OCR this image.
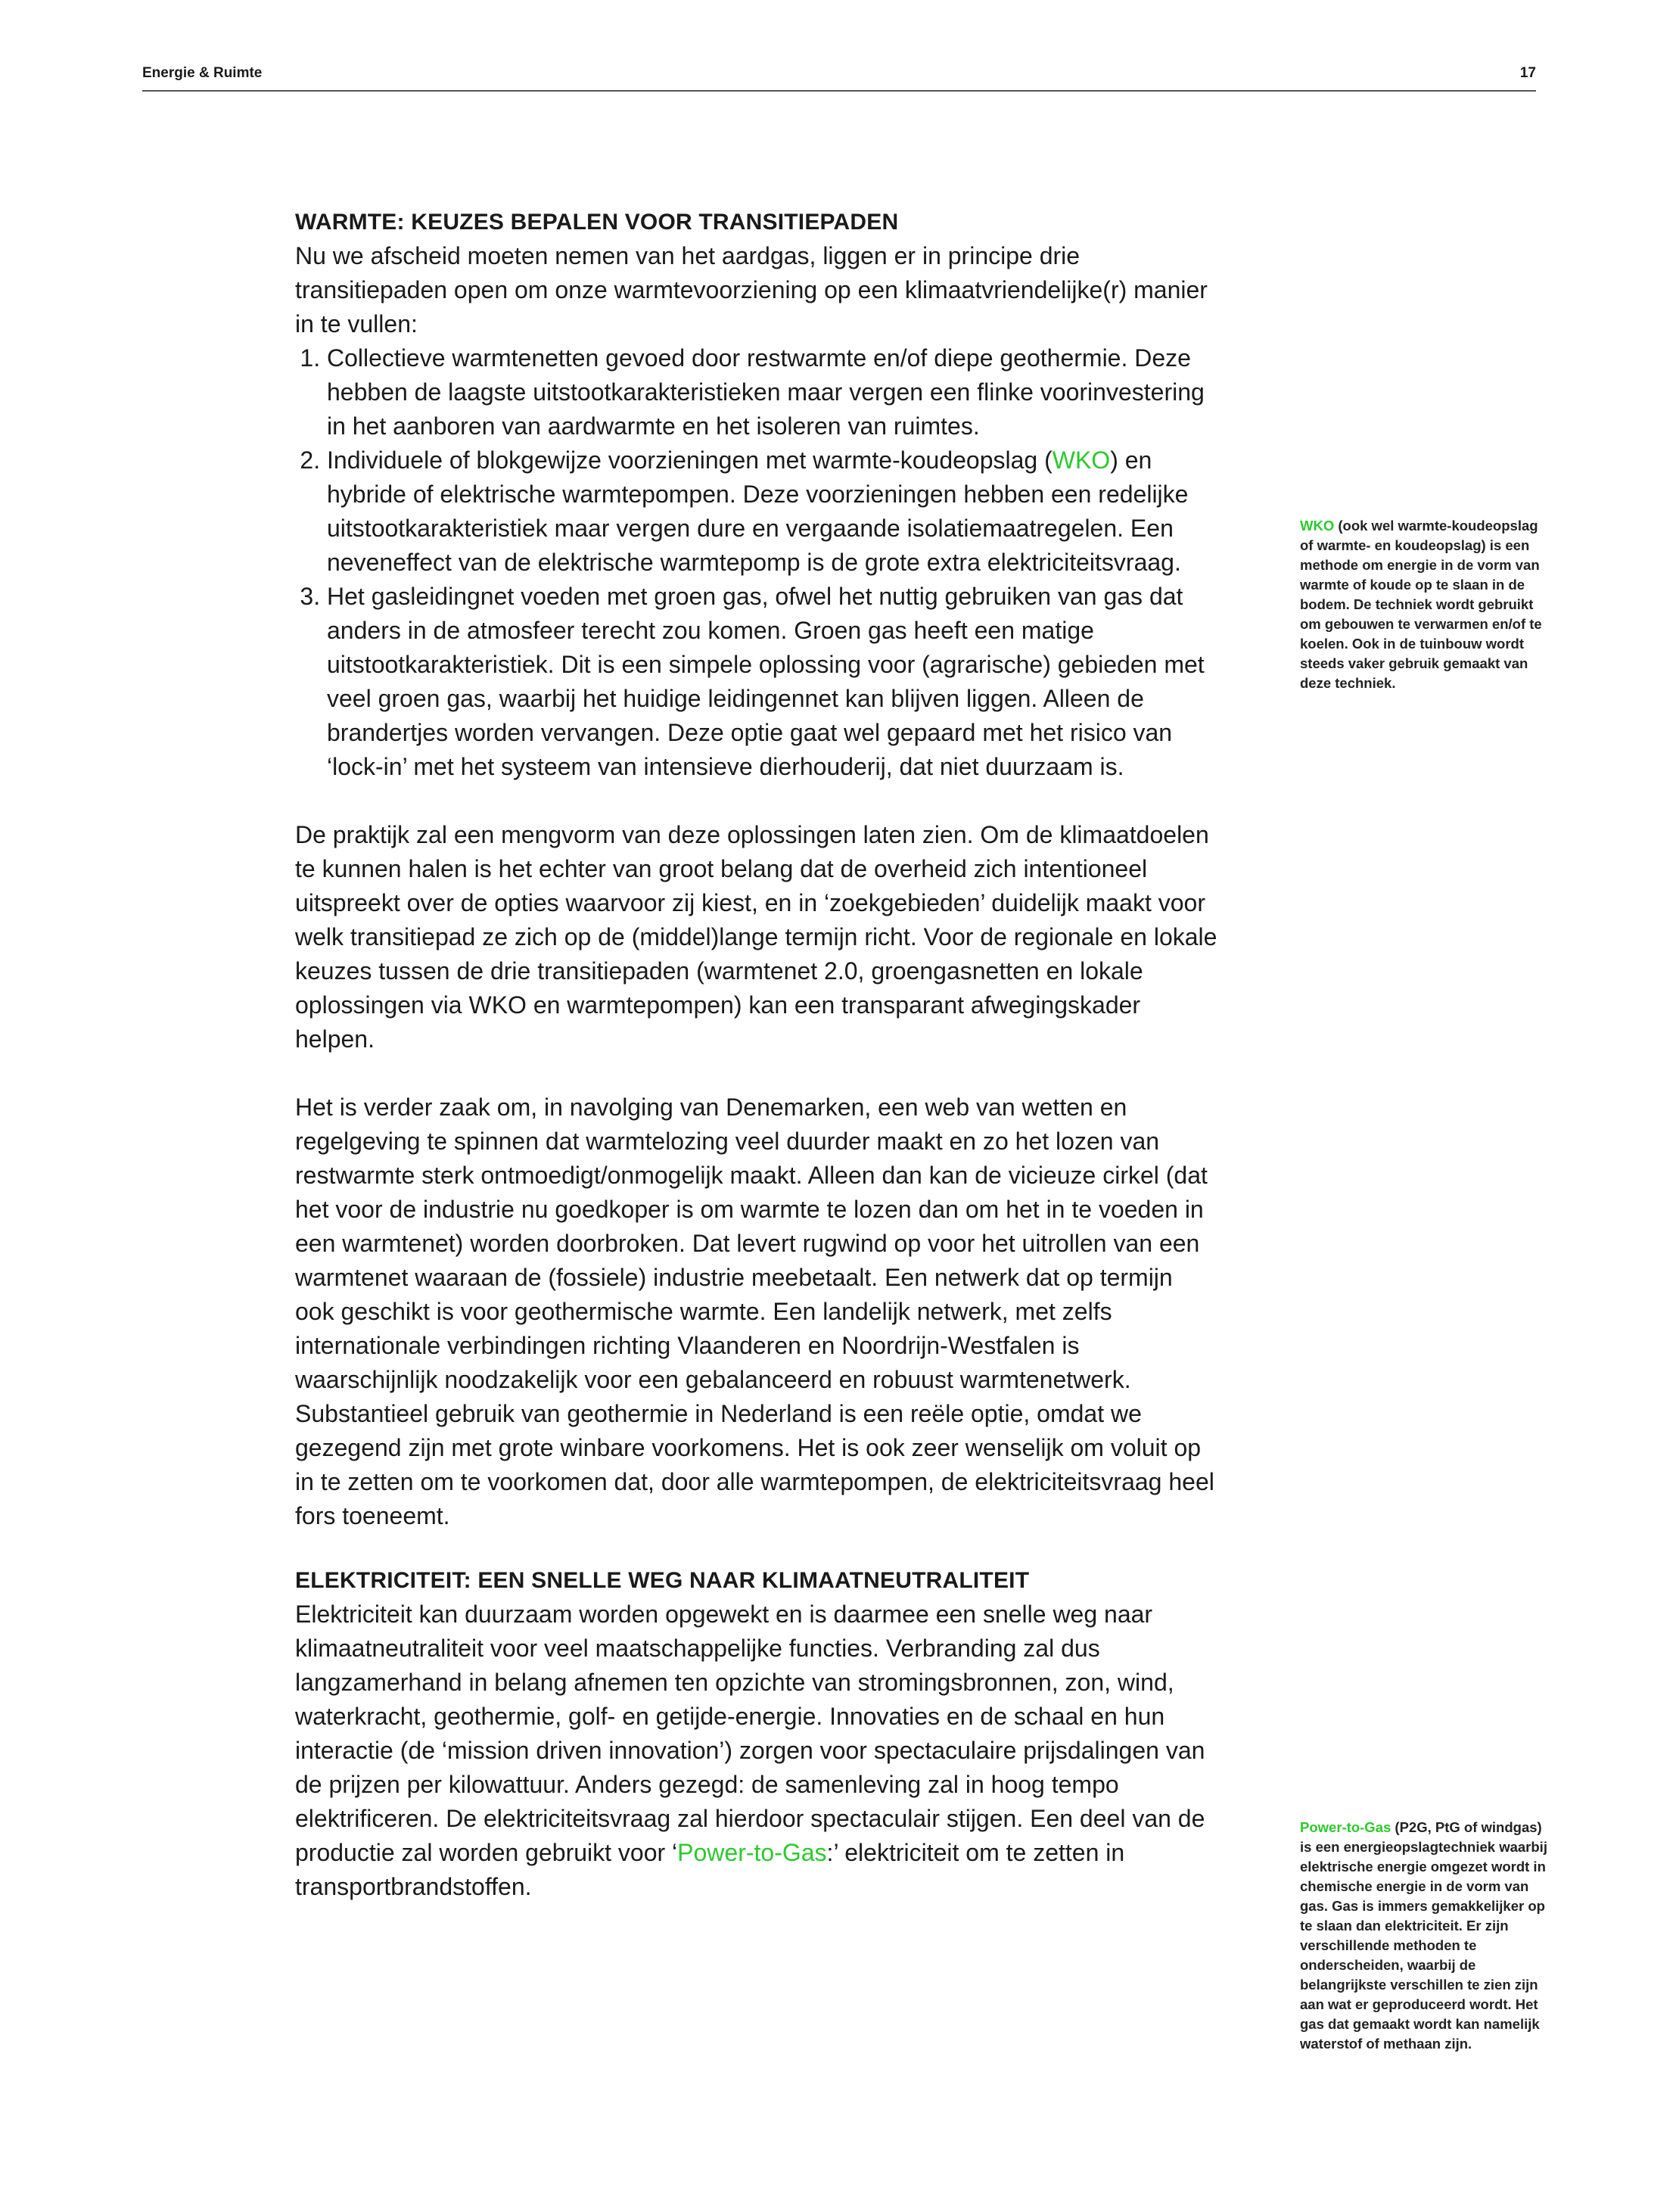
Energie & Ruimte	17
WARMTE: KEUZES BEPALEN VOOR TRANSITIEPADEN

Nu we afscheid moeten nemen van het aardgas, liggen er in principe drie transitiepaden open om onze warmtevoorziening op een klimaatvriendelijke(r) manier in te vullen:

1. Collectieve warmtenetten gevoed door restwarmte en/of diepe geothermie. Deze hebben de laagste uitstootkarakteristieken maar vergen een flinke voorinvestering in het aanboren van aardwarmte en het isoleren van ruimtes.
2. Individuele of blokgewijze voorzieningen met warmte-koudeopslag (WKO) en hybride of elektrische warmtepompen. Deze voorzieningen hebben een redelijke uitstootkarakteristiek maar vergen dure en vergaande isolatiemaatregelen. Een neveneffect van de elektrische warmtepomp is de grote extra elektriciteitsvraag.
3. Het gasleidingnet voeden met groen gas, ofwel het nuttig gebruiken van gas dat anders in de atmosfeer terecht zou komen. Groen gas heeft een matige uitstootkarakteristiek. Dit is een simpele oplossing voor (agrarische) gebieden met veel groen gas, waarbij het huidige leidingennet kan blijven liggen. Alleen de brandertjes worden vervangen. Deze optie gaat wel gepaard met het risico van ‘lock-in’ met het systeem van intensieve dierhouderij, dat niet duurzaam is.

De praktijk zal een mengvorm van deze oplossingen laten zien. Om de klimaatdoelen te kunnen halen is het echter van groot belang dat de overheid zich intentioneel uitspreekt over de opties waarvoor zij kiest, en in ‘zoekgebieden’ duidelijk maakt voor welk transitiepad ze zich op de (middel)lange termijn richt. Voor de regionale en lokale keuzes tussen de drie transitiepaden (warmtenet 2.0, groengasnetten en lokale oplossingen via WKO en warmtepompen) kan een transparant afwegingskader helpen.

Het is verder zaak om, in navolging van Denemarken, een web van wetten en regelgeving te spinnen dat warmtelozing veel duurder maakt en zo het lozen van restwarmte sterk ontmoedigt/onmogelijk maakt. Alleen dan kan de vicieuze cirkel (dat het voor de industrie nu goedkoper is om warmte te lozen dan om het in te voeden in een warmtenet) worden doorbroken. Dat levert rugwind op voor het uitrollen van een warmtenet waaraan de (fossiele) industrie meebetaalt. Een netwerk dat op termijn ook geschikt is voor geothermische warmte. Een landelijk netwerk, met zelfs internationale verbindingen richting Vlaanderen en Noordrijn-Westfalen is waarschijnlijk noodzakelijk voor een gebalanceerd en robuust warmtenetwerk. Substantieel gebruik van geothermie in Nederland is een reële optie, omdat we gezegend zijn met grote winbare voorkomens. Het is ook zeer wenselijk om voluit op in te zetten om te voorkomen dat, door alle warmtepompen, de elektriciteitsvraag heel fors toeneemt.

ELEKTRICITEIT: EEN SNELLE WEG NAAR KLIMAATNEUTRALITEIT

Elektriciteit kan duurzaam worden opgewekt en is daarmee een snelle weg naar klimaatneutraliteit voor veel maatschappelijke functies. Verbranding zal dus langzamerhand in belang afnemen ten opzichte van stromingsbronnen, zon, wind, waterkracht, geothermie, golf- en getijde-energie. Innovaties en de schaal en hun interactie (de ‘mission driven innovation’) zorgen voor spectaculaire prijsdalingen van de prijzen per kilowattuur. Anders gezegd: de samenleving zal in hoog tempo elektrificeren. De elektriciteitsvraag zal hierdoor spectaculair stijgen. Een deel van de productie zal worden gebruikt voor ‘Power-to-Gas:’ elektriciteit om te zetten in transportbrandstoffen.

WKO (ook wel warmte-koudeopslag of warmte- en koudeopslag) is een methode om energie in de vorm van warmte of koude op te slaan in de bodem. De techniek wordt gebruikt om gebouwen te verwarmen en/of te koelen. Ook in de tuinbouw wordt steeds vaker gebruik gemaakt van deze techniek.
Power-to-Gas (P2G, PtG of windgas) is een energieopslagtechniek waarbij elektrische energie omgezet wordt in chemische energie in de vorm van gas. Gas is immers gemakkelijker op te slaan dan elektriciteit. Er zijn verschillende methoden te onderscheiden, waarbij de belangrijkste verschillen te zien zijn aan wat er geproduceerd wordt. Het gas dat gemaakt wordt kan namelijk waterstof of methaan zijn.
